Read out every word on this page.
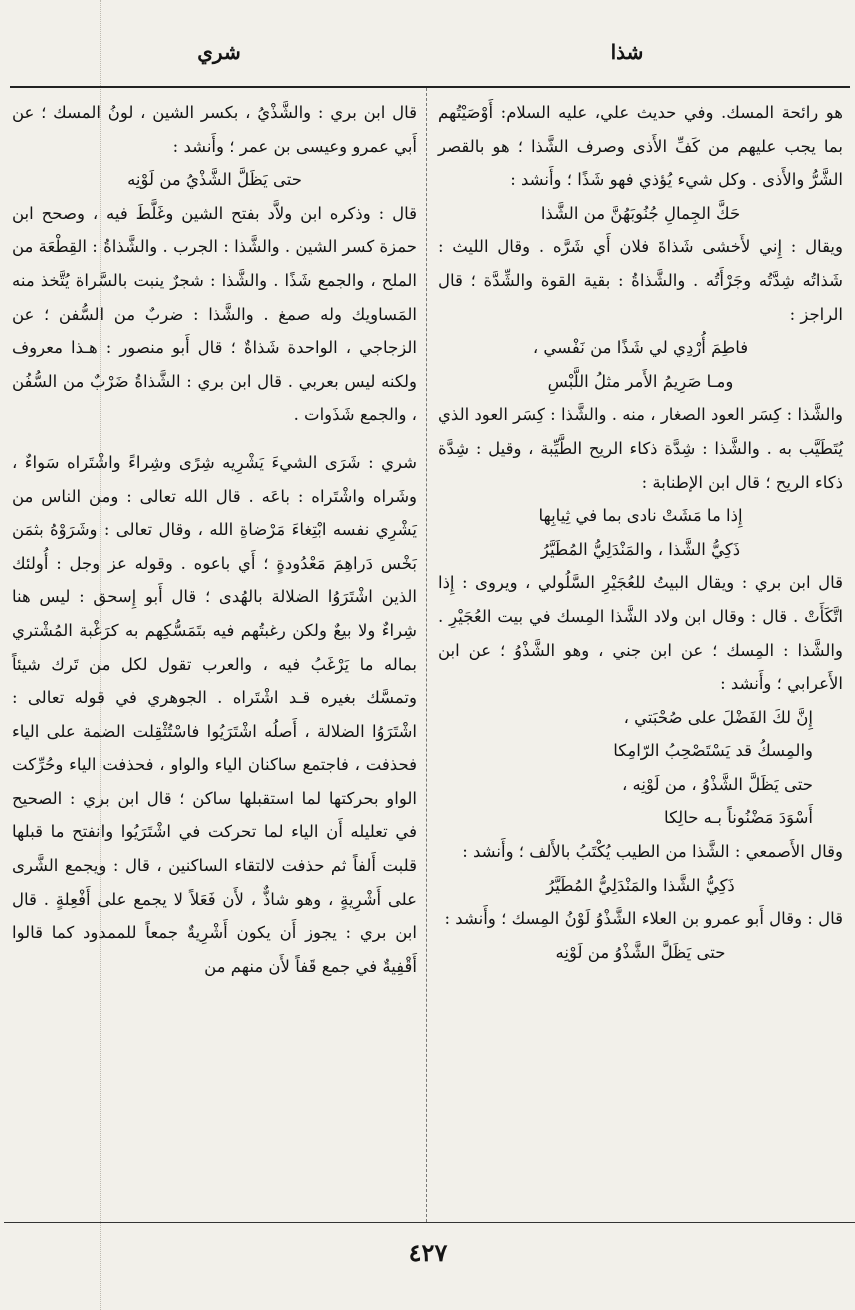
شذا
شري

هو رائحة المسك. وفي حديث علي، عليه السلام: أَوْصَيْتُهم بما يجب عليهم من كَفِّ الأَذى وصرف الشَّذا ؛ هو بالقصر الشَّرُّ والأَذى . وكل شيء يُؤذي فهو شَذًا ؛ وأَنشد :

حَكَّ الجِمالِ جُنُوبَهُنَّ من الشَّذا

ويقال : إِني لأَخشى شَذاةَ فلان أَي شَرَّه . وقال الليث : شَذاتُه شِدَّتُه وجَرْأَتُه . والشَّذاةُ : بقية القوة والشِّدَّة ؛ قال الراجز :

فاطِمَ أُرْدِي لي شَذًا من نَفْسي ،

ومـا صَرِيمُ الأَمر مثلُ اللَّبْسِ

والشَّذا : كِسَر العود الصغار ، منه . والشَّذا : كِسَر العود الذي يُتَطَيَّب به . والشَّذا : شِدَّة ذكاء الريح الطَّيِّبة ، وقيل : شِدَّة ذكاء الريح ؛ قال ابن الإطنابة :

إِذا ما مَشَتْ نادى بما في ثِيابِها

ذَكِيُّ الشَّذا ، والمَنْدَلِيُّ المُطَيَّرُ

قال ابن بري : ويقال البيتُ للعُجَيْرِ السَّلُولي ، ويروى : إِذا اتَّكَأَتْ . قال : وقال ابن ولاد الشَّذا المِسك في بيت العُجَيْرِ . والشَّذا : المِسك ؛ عن ابن جني ، وهو الشَّذْوُ ؛ عن ابن الأَعرابي ؛ وأَنشد :

إِنَّ لكَ الفَضْلَ على صُحْبَتي ،

والمِسكُ قد يَسْتَصْحِبُ الرّامِكا

حتى يَظَلَّ الشَّذْوُ ، من لَوْنِه ،

أَسْوَدَ مَضْنُوناً بـه حالِكا

وقال الأَصمعي : الشَّذا من الطيب يُكْتَبُ بالأَلف ؛ وأَنشد :

ذَكِيُّ الشَّذا والمَنْدَلِيُّ المُطَيَّرُ

قال : وقال أَبو عمرو بن العلاء الشَّذْوُ لَوْنُ المِسك ؛ وأَنشد :

حتى يَظَلَّ الشَّذْوُ من لَوْنِه

قال ابن بري : والشَّذْيُ ، بكسر الشين ، لونُ المسك ؛ عن أَبي عمرو وعيسى بن عمر ؛ وأَنشد :

حتى يَظَلَّ الشَّذْيُ من لَوْنِه

قال : وذكره ابن ولاَّد بفتح الشين وغَلَّطَ فيه ، وصحح ابن حمزة كسر الشين . والشَّذا : الجرب . والشَّذاةُ : القِطْعَة من الملح ، والجمع شَذًا . والشَّذا : شجرٌ ينبت بالسَّراة يُتَّخذ منه المَساويك وله صمغ . والشَّذا : ضربٌ من السُّفن ؛ عن الزجاجي ، الواحدة شَذاةٌ ؛ قال أَبو منصور : هـذا معروف ولكنه ليس بعربي . قال ابن بري : الشَّذاةُ ضَرْبٌ من السُّفُن ، والجمع شَذَوات .

شري : شَرَى الشيءَ يَشْرِيه شِرًى وشِراءً واشْتَراه سَواءٌ ، وشَراه واشْتَراه : باعَه . قال الله تعالى : ومن الناس من يَشْرِي نفسه ابْتِغاءَ مَرْضاةِ الله ، وقال تعالى : وشَرَوْهُ بثمَن بَخْس دَراهِمَ مَعْدُودةٍ ؛ أَي باعوه . وقوله عز وجل : أُولئك الذين اشْتَرَوُا الضلالة بالهُدى ؛ قال أَبو إِسحق : ليس هنا شِراءٌ ولا بيعٌ ولكن رغبتُهم فيه بتَمَسُّكِهم به كرَغْبة المُشْتري بماله ما يَرْغَبُ فيه ، والعرب تقول لكل من تَرك شيئاً وتمسَّك بغيره قـد اشْتَراه . الجوهري في قوله تعالى : اشْتَرَوُا الضلالة ، أَصلُه اشْتَرَيُوا فاسْتُثْقِلت الضمة على الياء فحذفت ، فاجتمع ساكنان الياء والواو ، فحذفت الياء وحُرِّكت الواو بحركتها لما استقبلها ساكن ؛ قال ابن بري : الصحيح في تعليله أَن الياء لما تحركت في اشْتَرَيُوا وانفتح ما قبلها قلبت أَلفاً ثم حذفت لالتقاء الساكنين ، قال : ويجمع الشَّرى على أَشْرِيةٍ ، وهو شاذٌّ ، لأَن فَعَلاً لا يجمع على أَفْعِلةٍ . قال ابن بري : يجوز أَن يكون أَشْرِيةٌ جمعاً للممدود كما قالوا أَقْفِيةٌ في جمع قَفاً لأَن منهم من

٤٢٧
